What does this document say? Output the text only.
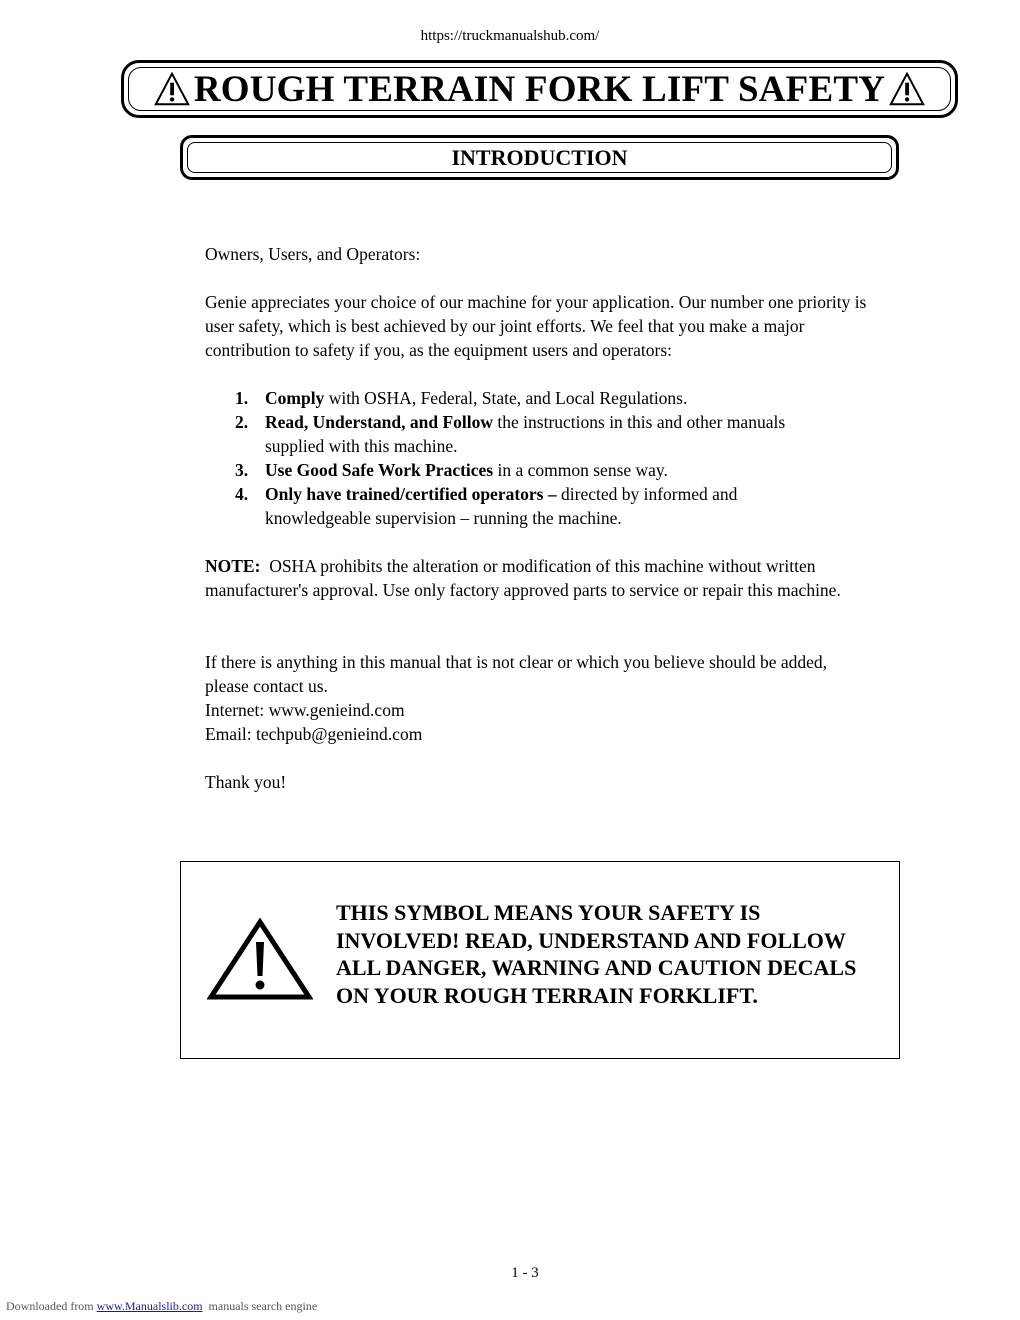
https://truckmanualshub.com/
ROUGH TERRAIN FORK LIFT SAFETY
INTRODUCTION
Owners, Users, and Operators:
Genie appreciates your choice of our machine for your application. Our number one priority is user safety, which is best achieved by our joint efforts. We feel that you make a major contribution to safety if you, as the equipment users and operators:
1. Comply with OSHA, Federal, State, and Local Regulations.
2. Read, Understand, and Follow the instructions in this and other manuals supplied with this machine.
3. Use Good Safe Work Practices in a common sense way.
4. Only have trained/certified operators – directed by informed and knowledgeable supervision – running the machine.
NOTE: OSHA prohibits the alteration or modification of this machine without written manufacturer's approval. Use only factory approved parts to service or repair this machine.
If there is anything in this manual that is not clear or which you believe should be added, please contact us.
Internet: www.genieind.com
Email: techpub@genieind.com
Thank you!
THIS SYMBOL MEANS YOUR SAFETY IS INVOLVED! READ, UNDERSTAND AND FOLLOW ALL DANGER, WARNING AND CAUTION DECALS ON YOUR ROUGH TERRAIN FORKLIFT.
1 - 3
Downloaded from www.Manualslib.com  manuals search engine
